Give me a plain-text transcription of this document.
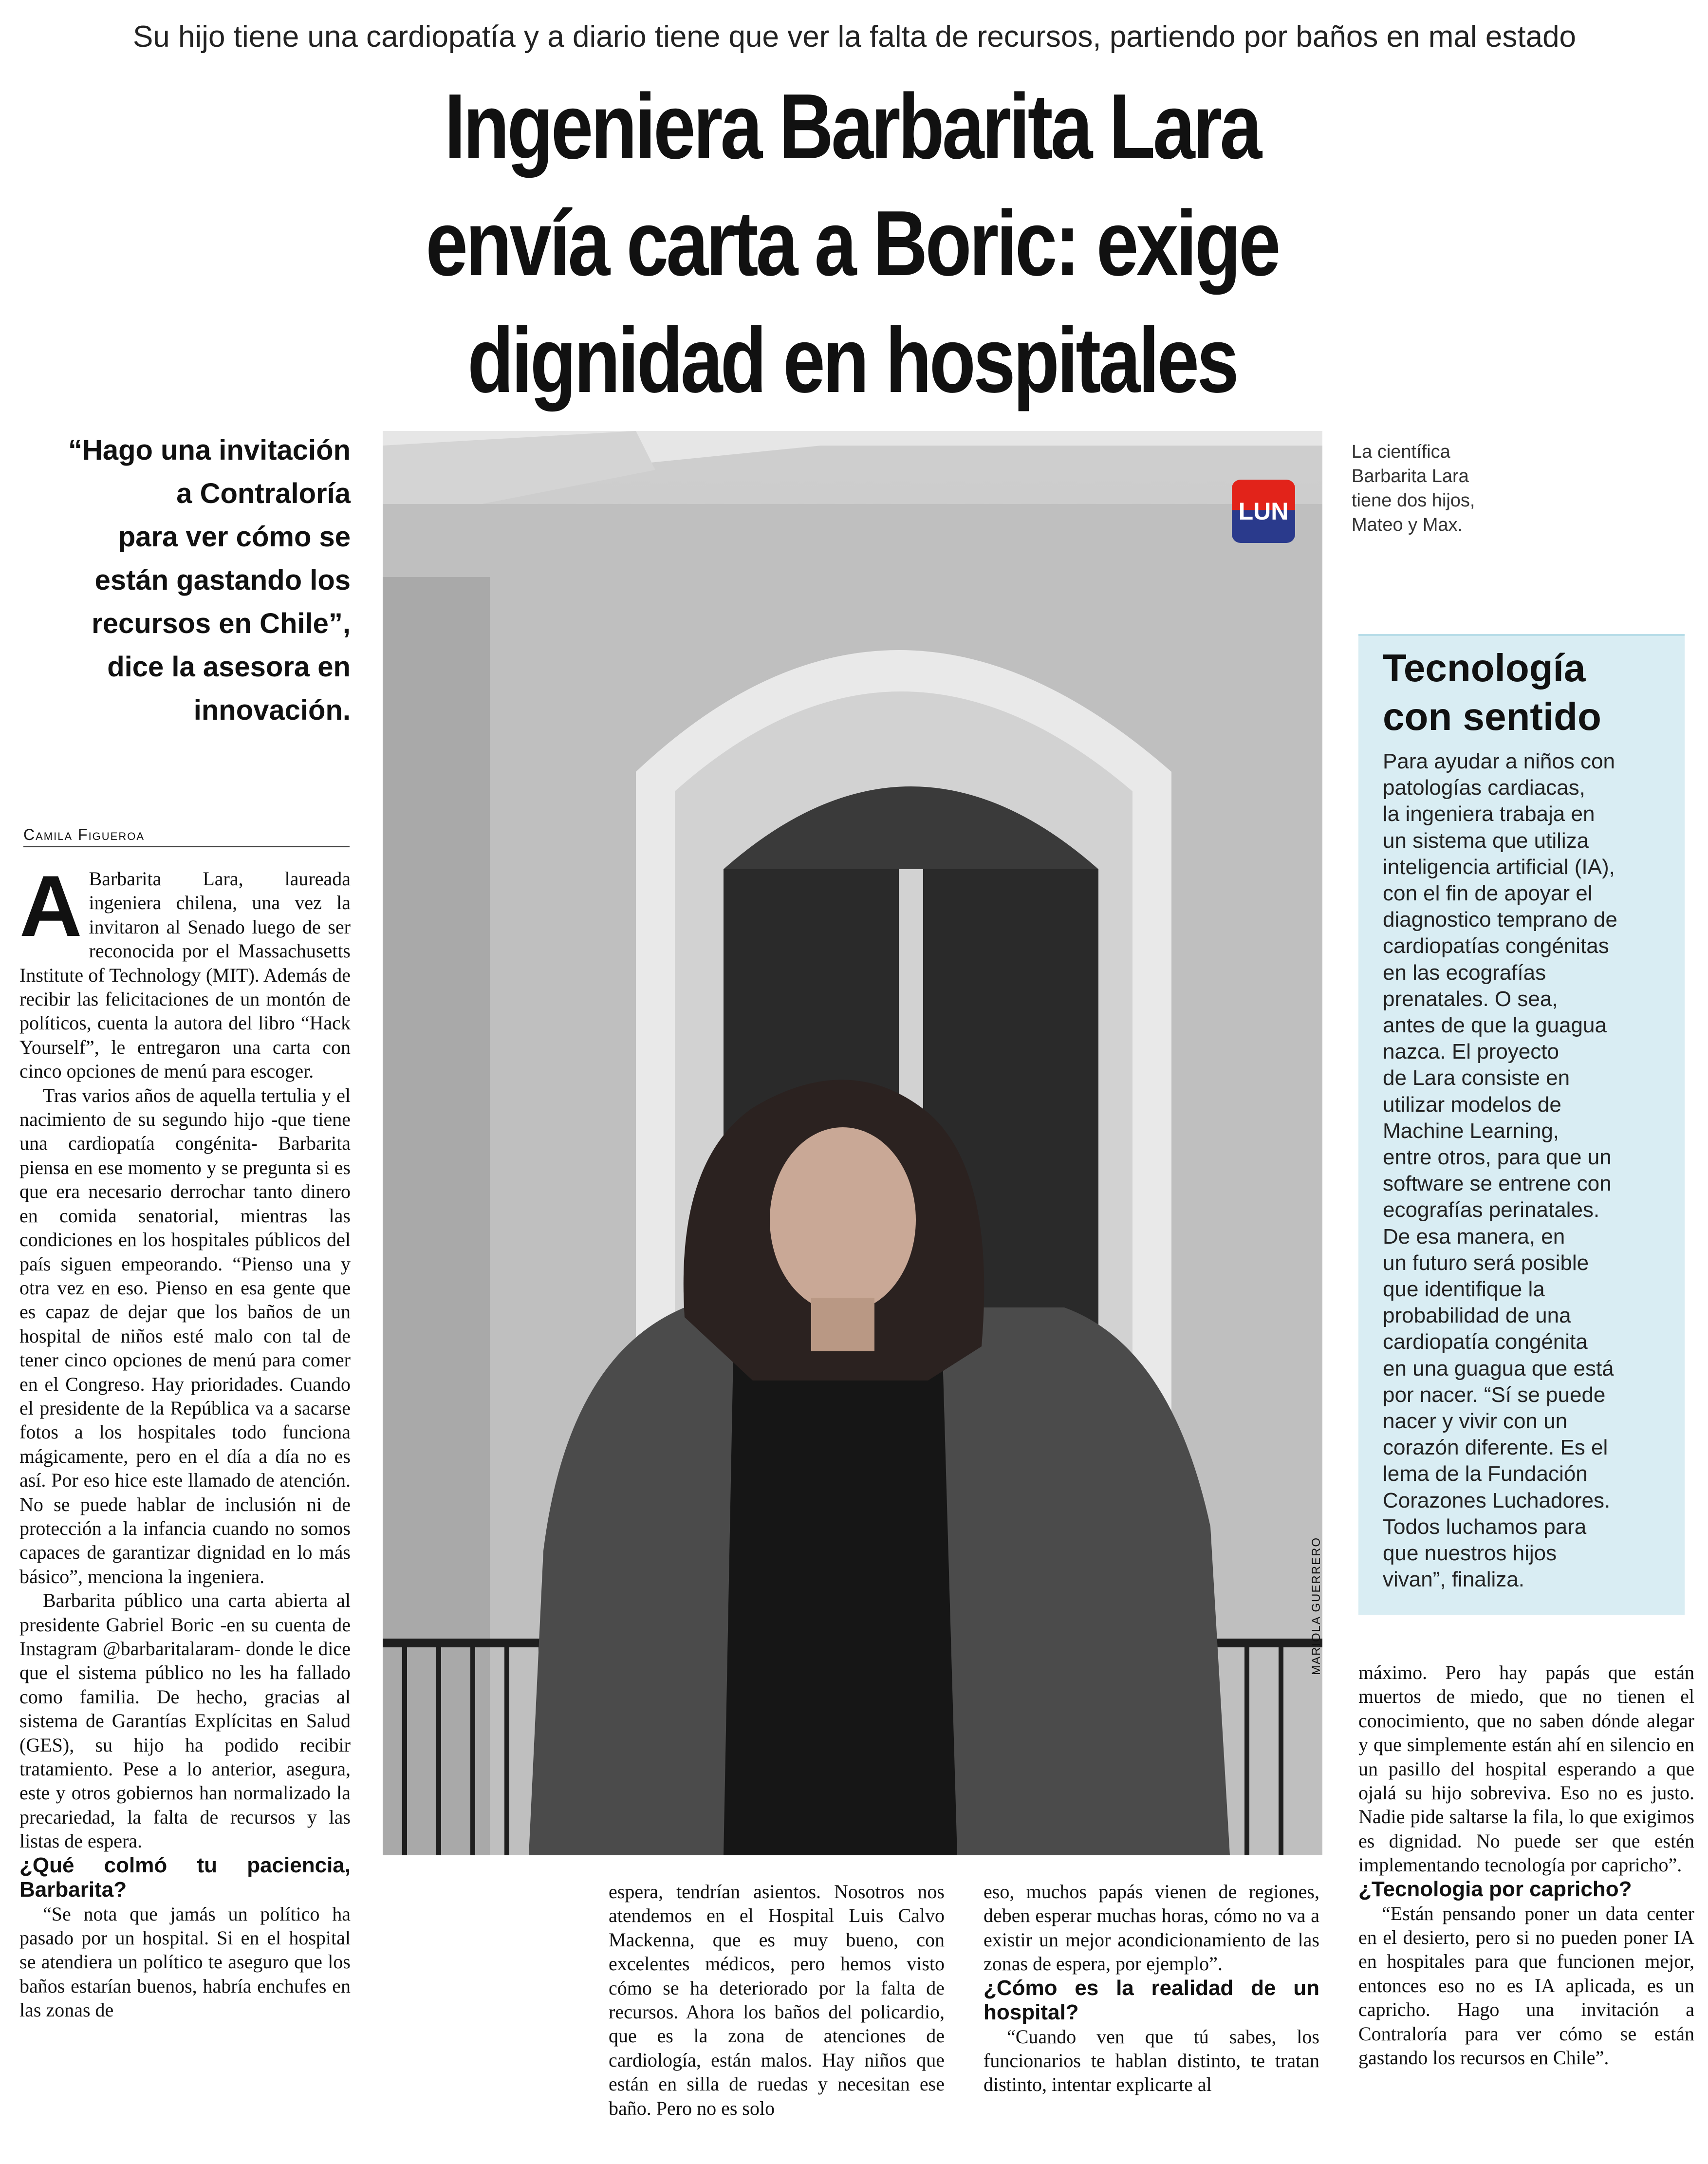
Su hijo tiene una cardiopatía y a diario tiene que ver la falta de recursos, partiendo por baños en mal estado
Ingeniera Barbarita Lara
envía carta a Boric: exige
dignidad en hospitales
“Hago una invitación
a Contraloría
para ver cómo se
están gastando los
recursos en Chile”,
dice la asesora en
innovación.
Camila Figueroa

A Barbarita Lara, laureada ingeniera chilena, una vez la invitaron al Senado luego de ser reconocida por el Massachusetts Institute of Technology (MIT). Además de recibir las felicitaciones de un montón de políticos, cuenta la autora del libro “Hack Yourself”, le entregaron una carta con cinco opciones de menú para escoger.

Tras varios años de aquella tertulia y el nacimiento de su segundo hijo -que tiene una cardiopatía congénita- Barbarita piensa en ese momento y se pregunta si es que era necesario derrochar tanto dinero en comida senatorial, mientras las condiciones en los hospitales públicos del país siguen empeorando. “Pienso una y otra vez en eso. Pienso en esa gente que es capaz de dejar que los baños de un hospital de niños esté malo con tal de tener cinco opciones de menú para comer en el Congreso. Hay prioridades. Cuando el presidente de la República va a sacarse fotos a los hospitales todo funciona mágicamente, pero en el día a día no es así. Por eso hice este llamado de atención. No se puede hablar de inclusión ni de protección a la infancia cuando no somos capaces de garantizar dignidad en lo más básico”, menciona la ingeniera.

Barbarita público una carta abierta al presidente Gabriel Boric -en su cuenta de Instagram @barbaritalaram- donde le dice que el sistema público no les ha fallado como familia. De hecho, gracias al sistema de Garantías Explícitas en Salud (GES), su hijo ha podido recibir tratamiento. Pese a lo anterior, asegura, este y otros gobiernos han normalizado la precariedad, la falta de recursos y las listas de espera.

¿Qué colmó tu paciencia, Barbarita?

“Se nota que jamás un político ha pasado por un hospital. Si en el hospital se atendiera un político te aseguro que los baños estarían buenos, habría enchufes en las zonas de

LUN
MARIOLA GUERRERO
La científica
Barbarita Lara
tiene dos hijos,
Mateo y Max.
Tecnología
con sentido
Para ayudar a niños con
patologías cardiacas,
la ingeniera trabaja en
un sistema que utiliza
inteligencia artificial (IA),
con el fin de apoyar el
diagnostico temprano de
cardiopatías congénitas
en las ecografías
prenatales. O sea,
antes de que la guagua
nazca. El proyecto
de Lara consiste en
utilizar modelos de
Machine Learning,
entre otros, para que un
software se entrene con
ecografías perinatales.
De esa manera, en
un futuro será posible
que identifique la
probabilidad de una
cardiopatía congénita
en una guagua que está
por nacer. “Sí se puede
nacer y vivir con un
corazón diferente. Es el
lema de la Fundación
Corazones Luchadores.
Todos luchamos para
que nuestros hijos
vivan”, finaliza.

espera, tendrían asientos. Nosotros nos atendemos en el Hospital Luis Calvo Mackenna, que es muy bueno, con excelentes médicos, pero hemos visto cómo se ha deteriorado por la falta de recursos. Ahora los baños del policardio, que es la zona de atenciones de cardiología, están malos. Hay niños que están en silla de ruedas y necesitan ese baño. Pero no es solo

eso, muchos papás vienen de regiones, deben esperar muchas horas, cómo no va a existir un mejor acondicionamiento de las zonas de espera, por ejemplo”.

¿Cómo es la realidad de un hospital?

“Cuando ven que tú sabes, los funcionarios te hablan distinto, te tratan distinto, intentar explicarte al

máximo. Pero hay papás que están muertos de miedo, que no tienen el conocimiento, que no saben dónde alegar y que simplemente están ahí en silencio en un pasillo del hospital esperando a que ojalá su hijo sobreviva. Eso no es justo. Nadie pide saltarse la fila, lo que exigimos es dignidad. No puede ser que estén implementando tecnología por capricho”.

¿Tecnologia por capricho?

“Están pensando poner un data center en el desierto, pero si no pueden poner IA en hospitales para que funcionen mejor, entonces eso no es IA aplicada, es un capricho. Hago una invitación a Contraloría para ver cómo se están gastando los recursos en Chile”.
